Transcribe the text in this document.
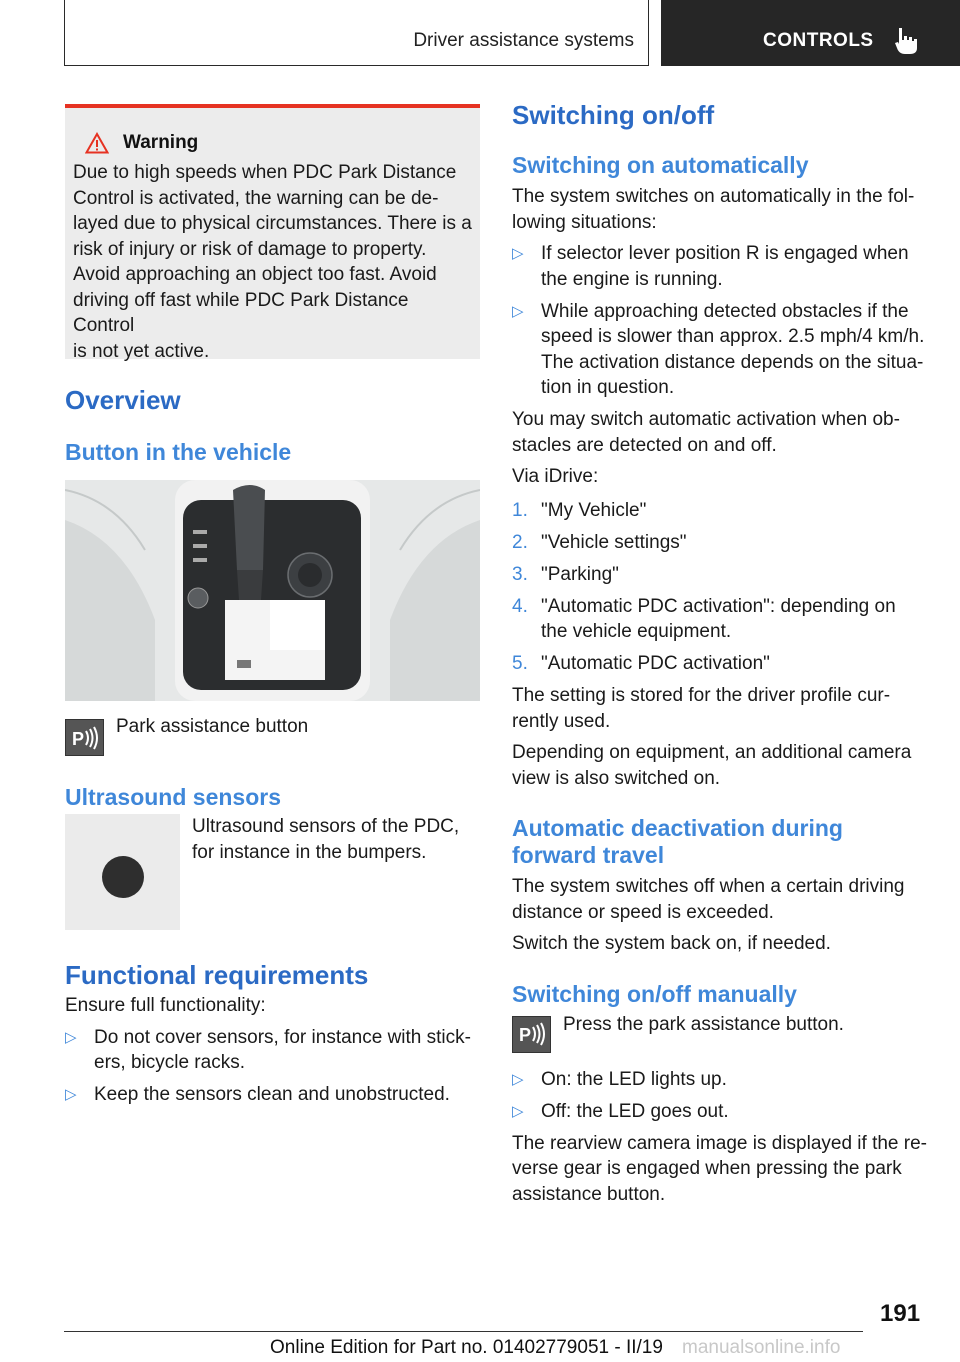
Driver assistance systems	CONTROLS
Warning
Due to high speeds when PDC Park Distance
Control is activated, the warning can be de-
layed due to physical circumstances. There is a
risk of injury or risk of damage to property.
Avoid approaching an object too fast. Avoid
driving off fast while PDC Park Distance Control
is not yet active.
Overview
Button in the vehicle
P

Park assistance button

Ultrasound sensors

Ultrasound sensors of the PDC,

for instance in the bumpers.

Functional requirements

Ensure full functionality:

▷ Do not cover sensors, for instance with stick-
ers, bicycle racks.
▷ Keep the sensors clean and unobstructed.
Switching on/off
Switching on automatically

The system switches on automatically in the fol-

lowing situations:

▷ If selector lever position R is engaged when
the engine is running.
▷ While approaching detected obstacles if the
speed is slower than approx. 2.5 mph/4 km/h.
The activation distance depends on the situa-
tion in question.

You may switch automatic activation when ob-

stacles are detected on and off.

Via iDrive:

1. "My Vehicle"
2. "Vehicle settings"
3. "Parking"
4. "Automatic PDC activation": depending on
the vehicle equipment.
5. "Automatic PDC activation"

The setting is stored for the driver profile cur-

rently used.

Depending on equipment, an additional camera

view is also switched on.

Automatic deactivation during
forward travel

The system switches off when a certain driving

distance or speed is exceeded.

Switch the system back on, if needed.

Switching on/off manually
P

Press the park assistance button.

▷ On: the LED lights up.
▷ Off: the LED goes out.

The rearview camera image is displayed if the re-

verse gear is engaged when pressing the park

assistance button.

191
Online Edition for Part no. 01402779051 - II/19 manualsonline.info
